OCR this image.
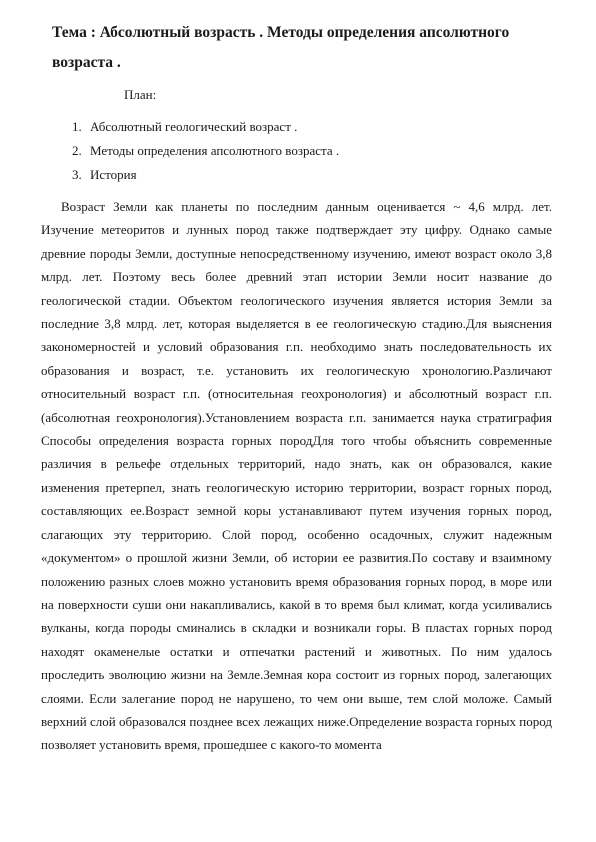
Тема : Абсолютный возрасть . Методы определения апсолютного возраста .
План:
1. Абсолютный геологический возраст .
2. Методы определения апсолютного возраста .
3. История

Возраст Земли как планеты по последним данным оценивается ~ 4,6 млрд. лет. Изучение метеоритов и лунных пород также подтверждает эту цифру. Однако самые древние породы Земли, доступные непосредственному изучению, имеют возраст около 3,8 млрд. лет. Поэтому весь более древний этап истории Земли носит название до геологической стадии. Объектом геологического изучения является история Земли за последние 3,8 млрд. лет, которая выделяется в ее геологическую стадию.Для выяснения закономерностей и условий образования г.п. необходимо знать последовательность их образования и возраст, т.е. установить их геологическую хронологию.Различают относительный возраст г.п. (относительная геохронология) и абсолютный возраст г.п. (абсолютная геохронология).Установлением возраста г.п. занимается наука стратиграфия Способы определения возраста горных породДля того чтобы объяснить современные различия в рельефе отдельных территорий, надо знать, как он образовался, какие изменения претерпел, знать геологическую историю территории, возраст горных пород, составляющих ее.Возраст земной коры устанавливают путем изучения горных пород, слагающих эту территорию. Слой пород, особенно осадочных, служит надежным «документом» о прошлой жизни Земли, об истории ее развития.По составу и взаимному положению разных слоев можно установить время образования горных пород, в море или на поверхности суши они накапливались, какой в то время был климат, когда усиливались вулканы, когда породы сминались в складки и возникали горы. В пластах горных пород находят окаменелые остатки и отпечатки растений и животных. По ним удалось проследить эволюцию жизни на Земле.Земная кора состоит из горных пород, залегающих слоями. Если залегание пород не нарушено, то чем они выше, тем слой моложе. Самый верхний слой образовался позднее всех лежащих ниже.Определение возраста горных пород позволяет установить время, прошедшее с какого-то момента
